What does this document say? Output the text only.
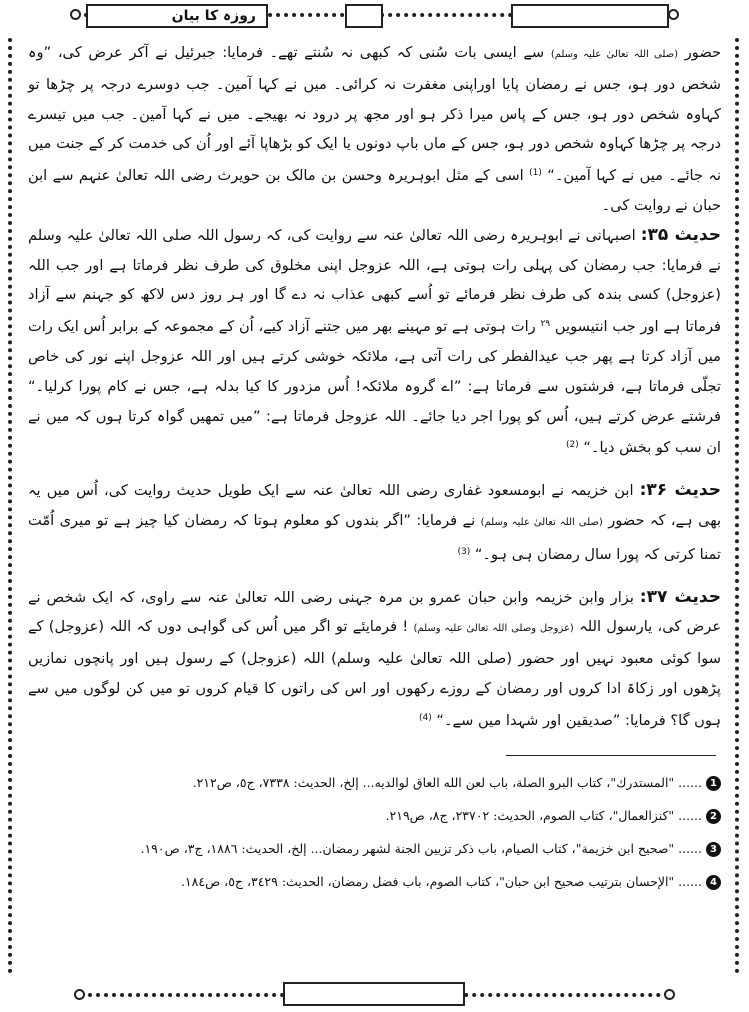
روزہ کا بیان

حضور (صلی اللہ تعالیٰ علیہ وسلم) سے ایسی بات سُنی کہ کبھی نہ سُنتے تھے۔ فرمایا: جبرئیل نے آکر عرض کی، ”وہ شخص دور ہو، جس نے رمضان پایا اوراپنی مغفرت نہ کرائی۔ میں نے کہا آمین۔ جب دوسرے درجہ پر چڑھا تو کہاوہ شخص دور ہو، جس کے پاس میرا ذکر ہو اور مجھ پر درود نہ بھیجے۔ میں نے کہا آمین۔ جب میں تیسرے درجہ پر چڑھا کہاوہ شخص دور ہو، جس کے ماں باپ دونوں یا ایک کو بڑھاپا آئے اور اُن کی خدمت کر کے جنت میں نہ جائے۔ میں نے کہا آمین۔“ $^{(1)}$ اسی کے مثل ابوہریرہ وحسن بن مالک بن حویرث رضی اللہ تعالیٰ عنہم سے ابن حبان نے روایت کی۔

حدیث ۳۵: اصبہانی نے ابوہریرہ رضی اللہ تعالیٰ عنہ سے روایت کی، کہ رسول اللہ صلی اللہ تعالیٰ علیہ وسلم نے فرمایا: جب رمضان کی پہلی رات ہوتی ہے، اللہ عزوجل اپنی مخلوق کی طرف نظر فرماتا ہے اور جب اللہ (عزوجل) کسی بندہ کی طرف نظر فرمائے تو اُسے کبھی عذاب نہ دے گا اور ہر روز دس لاکھ کو جہنم سے آزاد فرماتا ہے اور جب انتیسویں $^{۲۹}$ رات ہوتی ہے تو مہینے بھر میں جتنے آزاد کیے، اُن کے مجموعہ کے برابر اُس ایک رات میں آزاد کرتا ہے پھر جب عیدالفطر کی رات آتی ہے، ملائکہ خوشی کرتے ہیں اور اللہ عزوجل اپنے نور کی خاص تجلّی فرماتا ہے، فرشتوں سے فرماتا ہے: ”اے گروہ ملائکہ! اُس مزدور کا کیا بدلہ ہے، جس نے کام پورا کرلیا۔“ فرشتے عرض کرتے ہیں، اُس کو پورا اجر دیا جائے۔ اللہ عزوجل فرماتا ہے: ”میں تمھیں گواہ کرتا ہوں کہ میں نے ان سب کو بخش دیا۔“ $^{(2)}$

حدیث ۳۶: ابن خزیمہ نے ابومسعود غفاری رضی اللہ تعالیٰ عنہ سے ایک طویل حدیث روایت کی، اُس میں یہ بھی ہے، کہ حضور (صلی اللہ تعالیٰ علیہ وسلم) نے فرمایا: ”اگر بندوں کو معلوم ہوتا کہ رمضان کیا چیز ہے تو میری اُمّت تمنا کرتی کہ پورا سال رمضان ہی ہو۔“ $^{(3)}$

حدیث ۳۷: بزار وابن خزیمہ وابن حبان عمرو بن مرہ جہنی رضی اللہ تعالیٰ عنہ سے راوی، کہ ایک شخص نے عرض کی، یارسول اللہ (عزوجل وصلی اللہ تعالیٰ علیہ وسلم) ! فرمایئے تو اگر میں اُس کی گواہی دوں کہ اللہ (عزوجل) کے سوا کوئی معبود نہیں اور حضور (صلی اللہ تعالیٰ علیہ وسلم) اللہ (عزوجل) کے رسول ہیں اور پانچوں نمازیں پڑھوں اور زکاۃ ادا کروں اور رمضان کے روزے رکھوں اور اس کی راتوں کا قیام کروں تو میں کن لوگوں میں سے ہوں گا؟ فرمایا: ”صدیقین اور شہدا میں سے۔“ $^{(4)}$

1...... "المستدرك"، كتاب البرو الصلة، باب لعن الله العاق لوالديه... إلخ، الحديث: ٧٣٣٨، ج٥، ص٢١٢.
2...... "كنزالعمال"، كتاب الصوم، الحديث: ٢٣٧٠٢، ج٨، ص٢١٩.
3...... "صحيح ابن خزيمة"، كتاب الصيام، باب ذكر تزيين الجنة لشهر رمضان... إلخ، الحديث: ١٨٨٦، ج٣، ص١٩٠.
4...... "الإحسان بترتيب صحيح ابن حبان"، كتاب الصوم، باب فضل رمضان، الحديث: ٣٤٢٩، ج٥، ص١٨٤.
